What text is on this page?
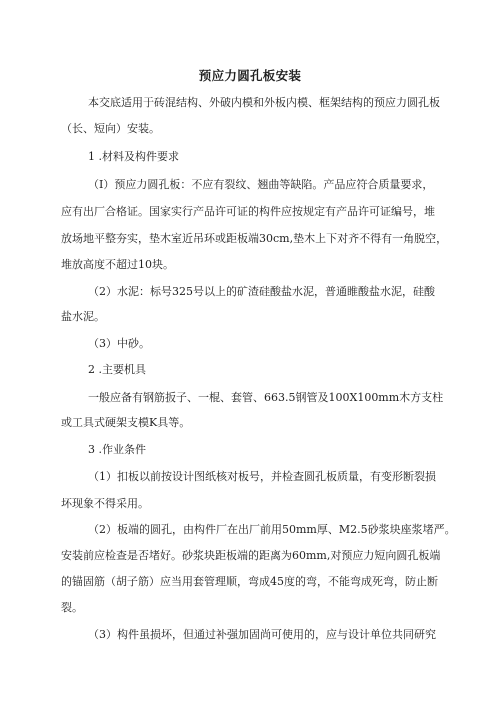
预应力圆孔板安装
本交底适用于砖混结构、外破内模和外板内模、框架结构的预应力圆孔板
（长、短向）安装。
1 .材料及构件要求
（I）预应力圆孔板：不应有裂纹、翘曲等缺陷。产品应符合质量要求，
应有出厂合格证。国家实行产品许可证的构件应按规定有产品许可证编号，堆
放场地平整夯实，垫木室近吊环或距板端30cm,垫木上下对齐不得有一角脱空，
堆放高度不超过10块。
（2）水泥：标号325号以上的矿渣硅酸盐水泥，普通睢酸盐水泥，硅酸
盐水泥。
（3）中砂。
2 .主要机具
一般应备有钢筋扳子、一棍、套管、663.5钢管及100X100mm木方支柱
或工具式硬架支模K具等。
3 .作业条件
（1）扣板以前按设计图纸核对板号，并检查圆孔板质量，有变形断裂损
坏现象不得采用。
（2）板端的圆孔，由构件厂在出厂前用50mm厚、M2.5砂浆块座浆堵严。
安装前应检查是否堵好。砂浆块距板端的距离为60mm,对预应力短向圆孔板端
的锚固筋（胡子筋）应当用套管理顺，弯成45度的弯，不能弯成死弯，防止断
裂。
（3）构件虽损坏，但通过补强加固尚可使用的，应与设计单位共同研究
